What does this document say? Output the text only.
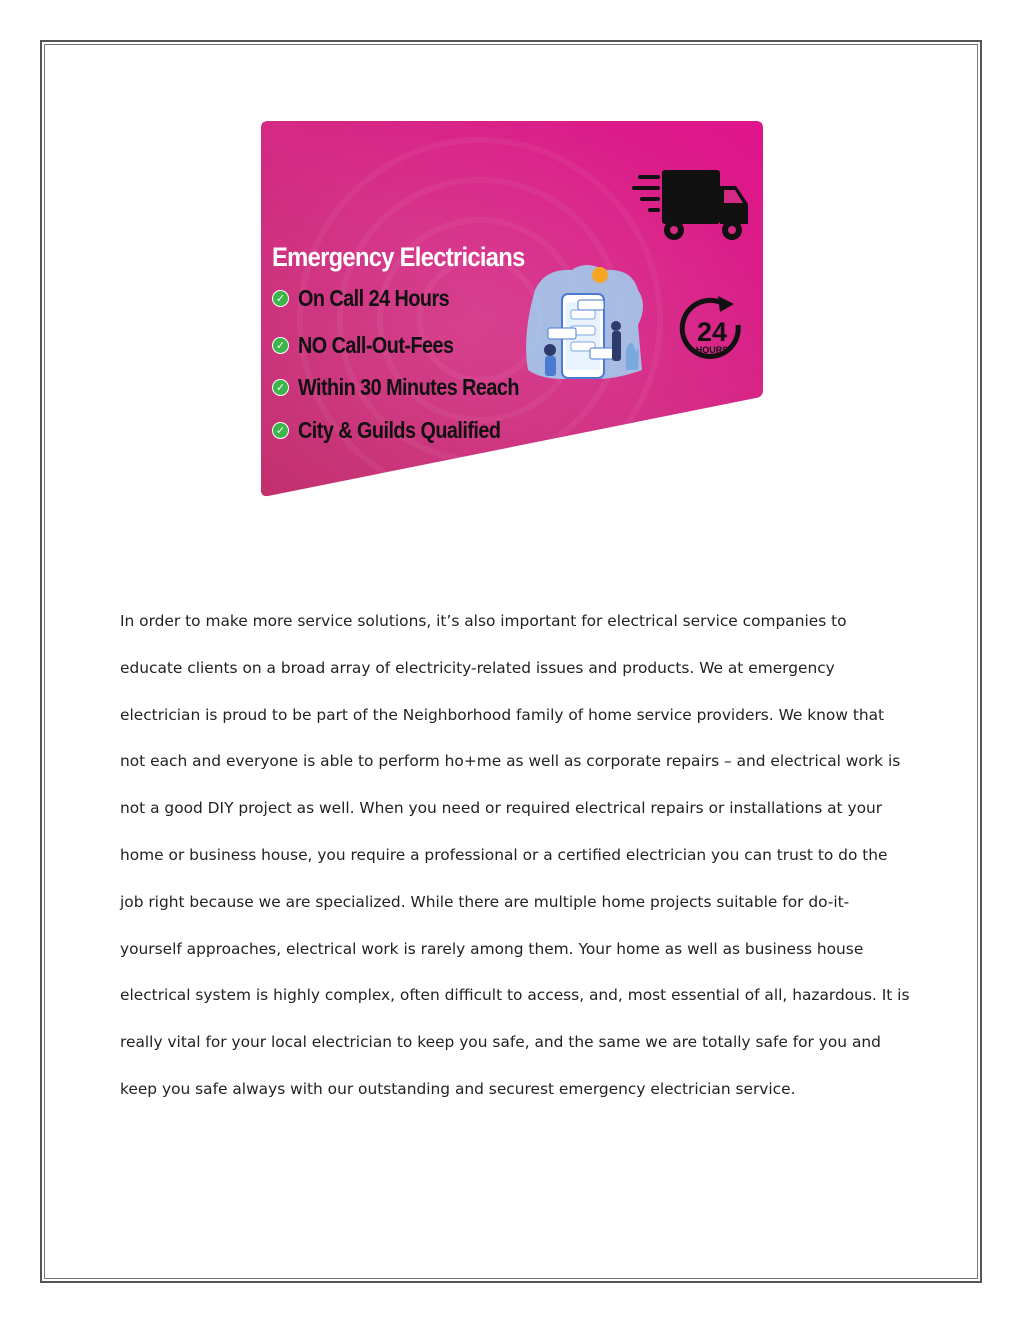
24
HOURS
Emergency Electricians
✓ On Call 24 Hours
✓ NO Call-Out-Fees
✓ Within 30 Minutes Reach
✓ City & Guilds Qualified

In order to make more service solutions, it’s also important for electrical service companies to educate clients on a broad array of electricity-related issues and products. We at emergency electrician is proud to be part of the Neighborhood family of home service providers. We know that not each and everyone is able to perform ho+me as well as corporate repairs – and electrical work is not a good DIY project as well. When you need or required electrical repairs or installations at your home or business house, you require a professional or a certified electrician you can trust to do the job right because we are specialized. While there are multiple home projects suitable for do-it-yourself approaches, electrical work is rarely among them. Your home as well as business house electrical system is highly complex, often difficult to access, and, most essential of all, hazardous. It is really vital for your local electrician to keep you safe, and the same we are totally safe for you and keep you safe always with our outstanding and securest emergency electrician service.
